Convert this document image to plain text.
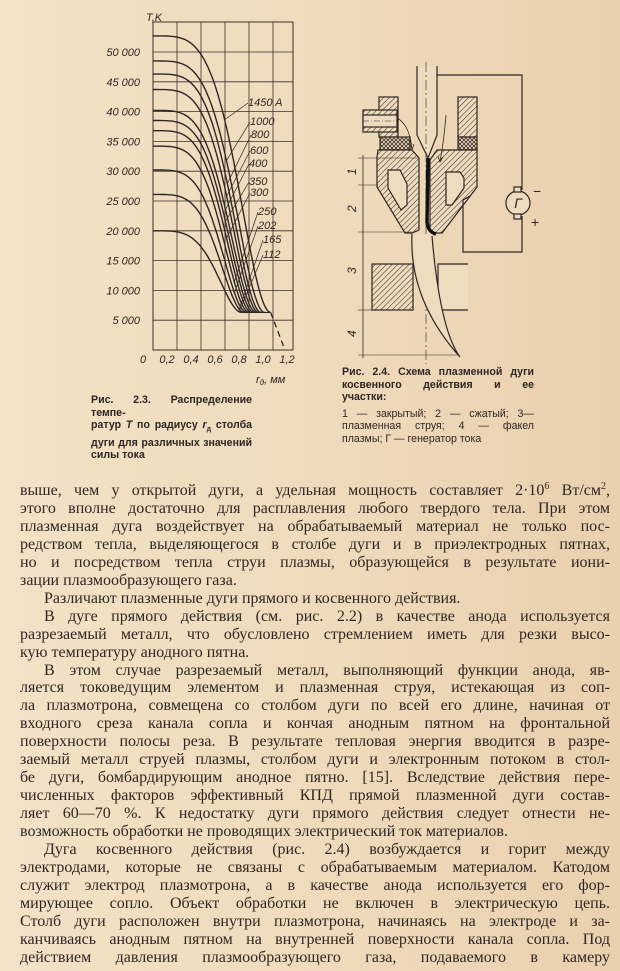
1450 A
1000
800
600
400
350
300
250
202
165
112
5 000
10 000
15 000
20 000
25 000
30 000
35 000
40 000
45 000
50 000
0 0,2 0,4 0,6 0,8 1,0 1,2
T,K
rд, мм
Рис. 2.3. Распределение темпе-
ратур T по радиусу $r_д$ столба
дуги для различных значений
силы тока
Г
−
+
1
2
3
4
Рис. 2.4. Схема плазменной дуги
косвенного действия и ее
участки:
1 — закрытый; 2 — сжатый; 3—
плазменная струя; 4 — факел
плазмы; Г — генератор тока
выше, чем у открытой дуги, а удельная мощность составляет $2\cdot 10^6$ $Вт/см^2$,
этого вполне достаточно для расплавления любого твердого тела. При этом
плазменная дуга воздействует на обрабатываемый материал не только пос-
редством тепла, выделяющегося в столбе дуги и в приэлектродных пятнах,
но и посредством тепла струи плазмы, образующейся в результате иони-
зации плазмообразующего газа.
Различают плазменные дуги прямого и косвенного действия.
В дуге прямого действия (см. рис. 2.2) в качестве анода используется
разрезаемый металл, что обусловлено стремлением иметь для резки высо-
кую температуру анодного пятна.
В этом случае разрезаемый металл, выполняющий функции анода, яв-
ляется токоведущим элементом и плазменная струя, истекающая из соп-
ла плазмотрона, совмещена со столбом дуги по всей его длине, начиная от
входного среза канала сопла и кончая анодным пятном на фронтальной
поверхности полосы реза. В результате тепловая энергия вводится в разре-
заемый металл струей плазмы, столбом дуги и электронным потоком в стол-
бе дуги, бомбардирующим анодное пятно. [15]. Вследствие действия пере-
численных факторов эффективный КПД прямой плазменной дуги состав-
ляет 60—70 %. К недостатку дуги прямого действия следует отнести не-
возможность обработки не проводящих электрический ток материалов.
Дуга косвенного действия (рис. 2.4) возбуждается и горит между
электродами, которые не связаны с обрабатываемым материалом. Катодом
служит электрод плазмотрона, а в качестве анода используется его фор-
мирующее сопло. Объект обработки не включен в электрическую цепь.
Столб дуги расположен внутри плазмотрона, начинаясь на электроде и за-
канчиваясь анодным пятном на внутренней поверхности канала сопла. Под
действием давления плазмообразующего газа, подаваемого в камеру
